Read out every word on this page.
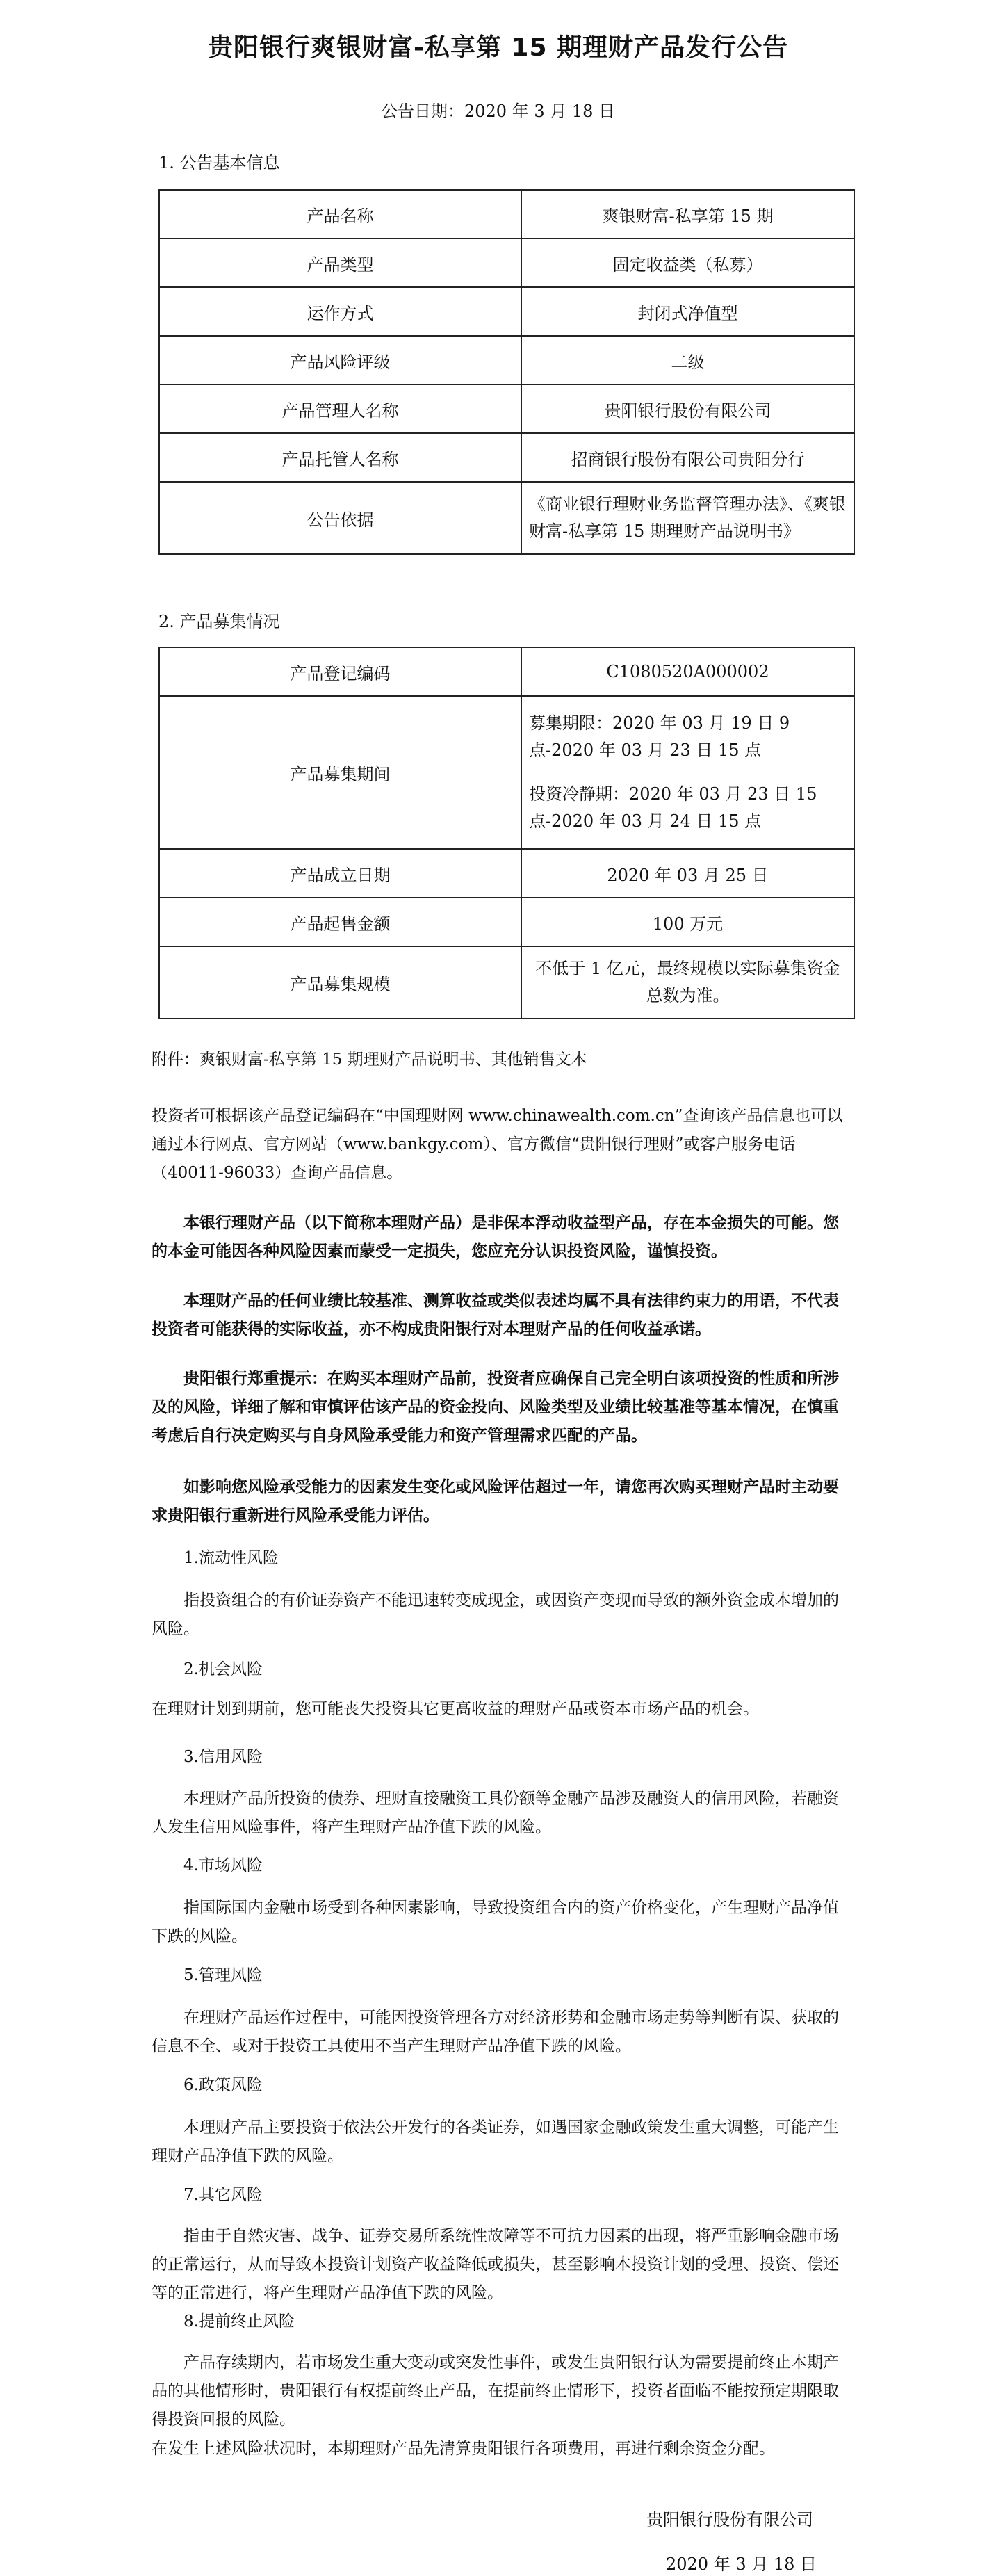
贵阳银行爽银财富-私享第 15 期理财产品发行公告
公告日期：2020 年 3 月 18 日
1. 公告基本信息
产品名称	爽银财富-私享第 15 期
产品类型	固定收益类（私募）
运作方式	封闭式净值型
产品风险评级	二级
产品管理人名称	贵阳银行股份有限公司
产品托管人名称	招商银行股份有限公司贵阳分行
公告依据	《商业银行理财业务监督管理办法》、《爽银财富-私享第 15 期理财产品说明书》
2. 产品募集情况
产品登记编码	C1080520A000002
产品募集期间	募集期限：2020 年 03 月 19 日 9 点-2020 年 03 月 23 日 15 点
投资冷静期：2020 年 03 月 23 日 15 点-2020 年 03 月 24 日 15 点

产品成立日期	2020 年 03 月 25 日
产品起售金额	100 万元
产品募集规模	不低于 1 亿元，最终规模以实际募集资金总数为准。
附件：爽银财富-私享第 15 期理财产品说明书、其他销售文本
投资者可根据该产品登记编码在“中国理财网 www.chinawealth.com.cn”查询该产品信息也可以通过本行网点、官方网站（www.bankgy.com）、官方微信“贵阳银行理财”或客户服务电话（40011-96033）查询产品信息。
本银行理财产品（以下简称本理财产品）是非保本浮动收益型产品，存在本金损失的可能。您的本金可能因各种风险因素而蒙受一定损失，您应充分认识投资风险，谨慎投资。
本理财产品的任何业绩比较基准、测算收益或类似表述均属不具有法律约束力的用语，不代表投资者可能获得的实际收益，亦不构成贵阳银行对本理财产品的任何收益承诺。
贵阳银行郑重提示：在购买本理财产品前，投资者应确保自己完全明白该项投资的性质和所涉及的风险，详细了解和审慎评估该产品的资金投向、风险类型及业绩比较基准等基本情况，在慎重考虑后自行决定购买与自身风险承受能力和资产管理需求匹配的产品。
如影响您风险承受能力的因素发生变化或风险评估超过一年，请您再次购买理财产品时主动要求贵阳银行重新进行风险承受能力评估。
1.流动性风险
指投资组合的有价证券资产不能迅速转变成现金，或因资产变现而导致的额外资金成本增加的风险。
2.机会风险
在理财计划到期前，您可能丧失投资其它更高收益的理财产品或资本市场产品的机会。
3.信用风险
本理财产品所投资的债券、理财直接融资工具份额等金融产品涉及融资人的信用风险，若融资人发生信用风险事件，将产生理财产品净值下跌的风险。
4.市场风险
指国际国内金融市场受到各种因素影响，导致投资组合内的资产价格变化，产生理财产品净值下跌的风险。
5.管理风险
在理财产品运作过程中，可能因投资管理各方对经济形势和金融市场走势等判断有误、获取的信息不全、或对于投资工具使用不当产生理财产品净值下跌的风险。
6.政策风险
本理财产品主要投资于依法公开发行的各类证券，如遇国家金融政策发生重大调整，可能产生理财产品净值下跌的风险。
7.其它风险
指由于自然灾害、战争、证券交易所系统性故障等不可抗力因素的出现，将严重影响金融市场的正常运行，从而导致本投资计划资产收益降低或损失，甚至影响本投资计划的受理、投资、偿还等的正常进行，将产生理财产品净值下跌的风险。
8.提前终止风险
产品存续期内，若市场发生重大变动或突发性事件，或发生贵阳银行认为需要提前终止本期产品的其他情形时，贵阳银行有权提前终止产品，在提前终止情形下，投资者面临不能按预定期限取得投资回报的风险。
在发生上述风险状况时，本期理财产品先清算贵阳银行各项费用，再进行剩余资金分配。
贵阳银行股份有限公司
2020 年 3 月 18 日
